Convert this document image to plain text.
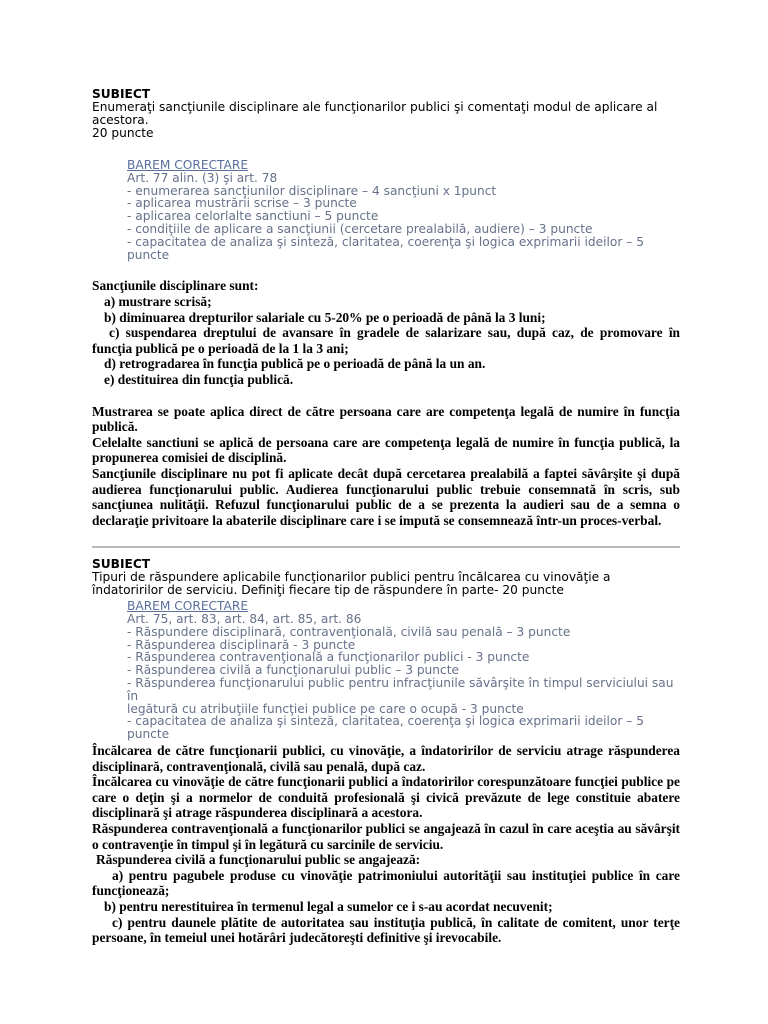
SUBIECT
Enumeraţi sancţiunile disciplinare ale funcţionarilor publici şi comentaţi modul de aplicare al
acestora.
20 puncte
BAREM CORECTARE
Art. 77 alin. (3) şi art. 78
- enumerarea sancţiunilor disciplinare – 4 sancţiuni x 1punct
- aplicarea mustrării scrise – 3 puncte
- aplicarea celorlalte sanctiuni – 5 puncte
- condiţiile de aplicare a sancţiunii (cercetare prealabilă, audiere) – 3 puncte
- capacitatea de analiza şi sinteză, claritatea, coerenţa şi logica exprimarii ideilor – 5 puncte
Sancţiunile disciplinare sunt:
a) mustrare scrisă;
b) diminuarea drepturilor salariale cu 5-20% pe o perioadă de până la 3 luni;
c) suspendarea dreptului de avansare în gradele de salarizare sau, după caz, de promovare în funcţia publică pe o perioadă de la 1 la 3 ani;
d) retrogradarea în funcţia publică pe o perioadă de până la un an.
e) destituirea din funcţia publică.
Mustrarea se poate aplica direct de către persoana care are competenţa legală de numire în funcţia publică.
Celelalte sanctiuni se aplică de persoana care are competenţa legală de numire în funcţia publică, la propunerea comisiei de disciplină.
Sancţiunile disciplinare nu pot fi aplicate decât după cercetarea prealabilă a faptei săvârşite şi după audierea funcţionarului public. Audierea funcţionarului public trebuie consemnată în scris, sub sancţiunea nulităţii. Refuzul funcţionarului public de a se prezenta la audieri sau de a semna o declaraţie privitoare la abaterile disciplinare care i se impută se consemnează într-un proces-verbal.
SUBIECT
Tipuri de răspundere aplicabile funcţionarilor publici pentru încălcarea cu vinovăţie a îndatoririlor de serviciu. Definiţi fiecare tip de răspundere în parte- 20 puncte
BAREM CORECTARE
Art. 75, art. 83, art. 84, art. 85, art. 86
- Răspundere disciplinară, contravenţională, civilă sau penală – 3 puncte
- Răspunderea disciplinară - 3 puncte
- Răspunderea contravenţională a funcţionarilor publici - 3 puncte
- Răspunderea civilă a funcţionarului public – 3 puncte
- Răspunderea funcţionarului public pentru infracţiunile săvârşite în timpul serviciului sau în
legătură cu atribuţiile funcţiei publice pe care o ocupă - 3 puncte
- capacitatea de analiza şi sinteză, claritatea, coerenţa şi logica exprimarii ideilor – 5 puncte
Încălcarea de către funcţionarii publici, cu vinovăţie, a îndatoririlor de serviciu atrage răspunderea disciplinară, contravenţională, civilă sau penală, după caz.
Încălcarea cu vinovăţie de către funcţionarii publici a îndatoririlor corespunzătoare funcţiei publice pe care o deţin şi a normelor de conduită profesională şi civică prevăzute de lege constituie abatere disciplinară şi atrage răspunderea disciplinară a acestora.
Răspunderea contravenţională a funcţionarilor publici se angajează în cazul în care aceştia au săvârşit o contravenţie în timpul şi în legătură cu sarcinile de serviciu.
Răspunderea civilă a funcţionarului public se angajează:
a) pentru pagubele produse cu vinovăţie patrimoniului autorităţii sau instituţiei publice în care funcţionează;
b) pentru nerestituirea în termenul legal a sumelor ce i s-au acordat necuvenit;
c) pentru daunele plătite de autoritatea sau instituţia publică, în calitate de comitent, unor terţe persoane, în temeiul unei hotărâri judecătoreşti definitive şi irevocabile.
